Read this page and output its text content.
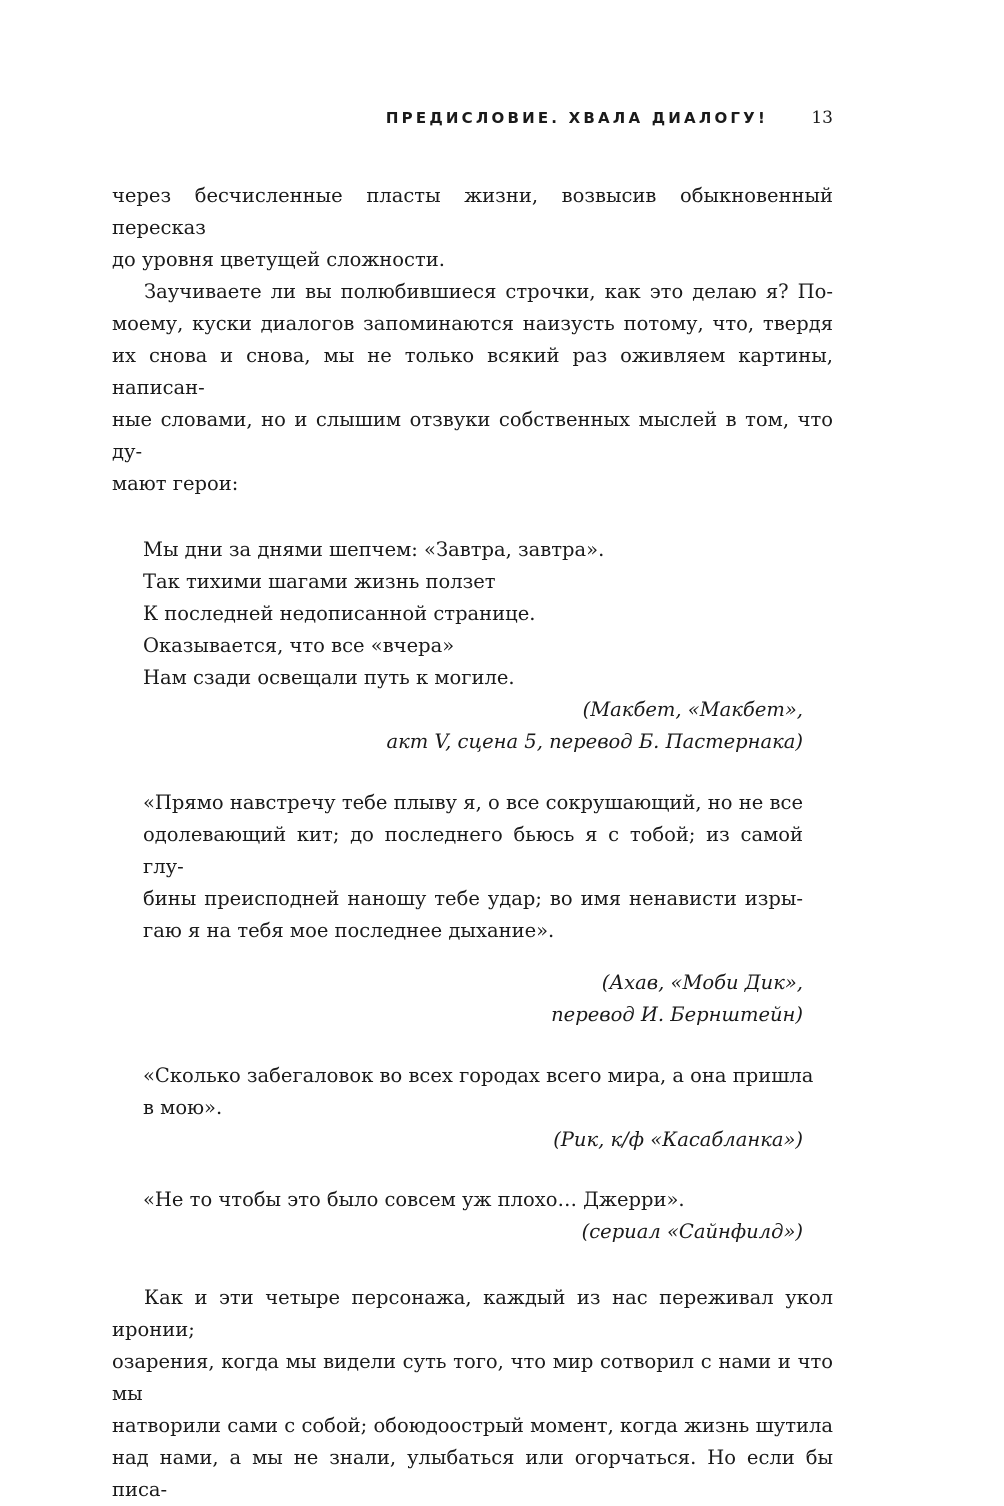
ПРЕДИСЛОВИЕ. ХВАЛА ДИАЛОГУ!	13
через бесчисленные пласты жизни, возвысив обыкновенный пересказ
до уровня цветущей сложности.
Заучиваете ли вы полюбившиеся строчки, как это делаю я? По-
моему, куски диалогов запоминаются наизусть потому, что, твердя
их снова и снова, мы не только всякий раз оживляем картины, написан-
ные словами, но и слышим отзвуки собственных мыслей в том, что ду-
мают герои:
Мы дни за днями шепчем: «Завтра, завтра».
Так тихими шагами жизнь ползет
К последней недописанной странице.
Оказывается, что все «вчера»
Нам сзади освещали путь к могиле.
(Макбет, «Макбет»,
акт V, сцена 5, перевод Б. Пастернака)
«Прямо навстречу тебе плыву я, о все сокрушающий, но не все
одолевающий кит; до последнего бьюсь я с тобой; из самой глу-
бины преисподней наношу тебе удар; во имя ненависти изры-
гаю я на тебя мое последнее дыхание».
(Ахав, «Моби Дик»,
перевод И. Бернштейн)
«Сколько забегаловок во всех городах всего мира, а она пришла
в мою».
(Рик, к/ф «Касабланка»)
«Не то чтобы это было совсем уж плохо… Джерри».
(сериал «Сайнфилд»)
Как и эти четыре персонажа, каждый из нас переживал укол иронии;
озарения, когда мы видели суть того, что мир сотворил с нами и что мы
натворили сами с собой; обоюдоострый момент, когда жизнь шутила
над нами, а мы не знали, улыбаться или огорчаться. Но если бы писа-
